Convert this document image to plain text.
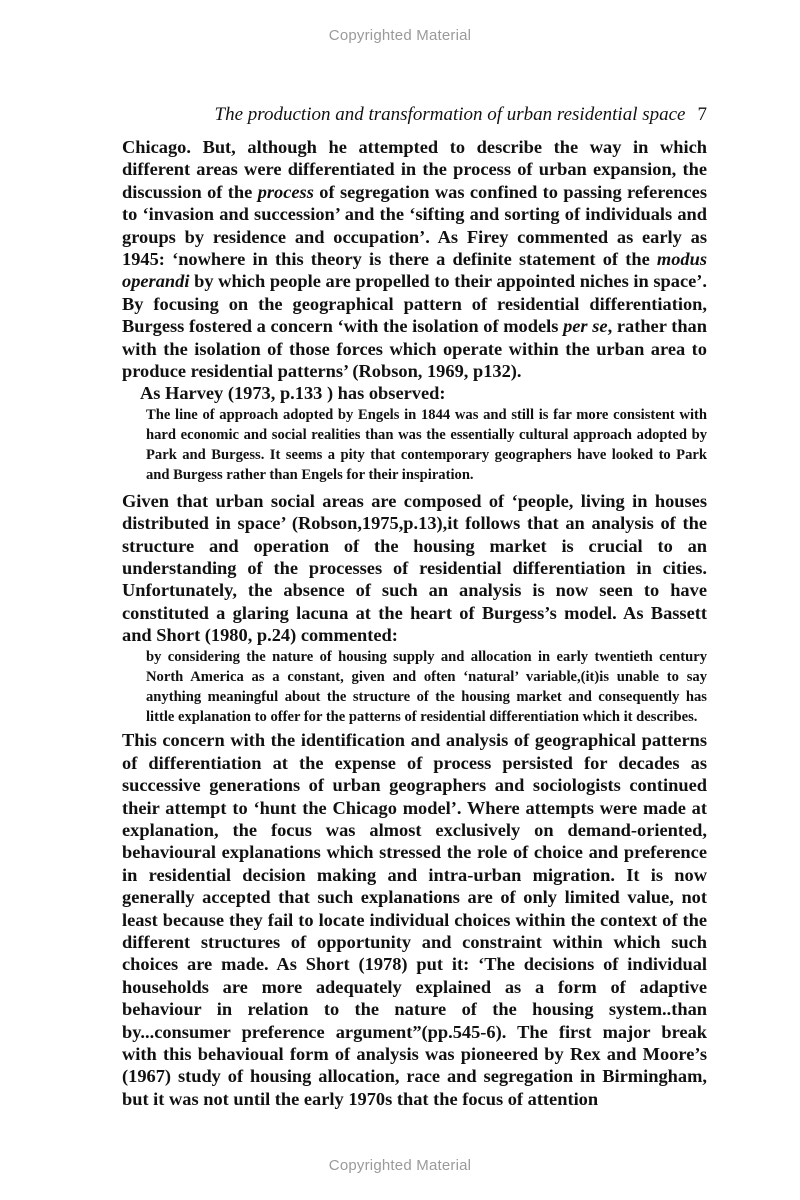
Copyrighted Material
The production and transformation of urban residential space 7

Chicago. But, although he attempted to describe the way in which different areas were differentiated in the process of urban expansion, the discussion of the process of segregation was confined to passing references to ‘invasion and succession’ and the ‘sifting and sorting of individuals and groups by residence and occupation’. As Firey commented as early as 1945: ‘nowhere in this theory is there a definite statement of the modus operandi by which people are propelled to their appointed niches in space’. By focusing on the geographical pattern of residential differentiation, Burgess fostered a concern ‘with the isolation of models per se, rather than with the isolation of those forces which operate within the urban area to produce residential patterns’ (Robson, 1969, p132).

As Harvey (1973, p.133 ) has observed:

The line of approach adopted by Engels in 1844 was and still is far more consistent with hard economic and social realities than was the essentially cultural approach adopted by Park and Burgess. It seems a pity that contemporary geographers have looked to Park and Burgess rather than Engels for their inspiration.

Given that urban social areas are composed of ‘people, living in houses distributed in space’ (Robson,1975,p.13),it follows that an analysis of the structure and operation of the housing market is crucial to an understanding of the processes of residential differentiation in cities. Unfortunately, the absence of such an analysis is now seen to have constituted a glaring lacuna at the heart of Burgess’s model. As Bassett and Short (1980, p.24) commented:

by considering the nature of housing supply and allocation in early twentieth century North America as a constant, given and often ‘natural’ variable,(it)is unable to say anything meaningful about the structure of the housing market and consequently has little explanation to offer for the patterns of residential differentiation which it describes.

This concern with the identification and analysis of geographical patterns of differentiation at the expense of process persisted for decades as successive generations of urban geographers and sociologists continued their attempt to ‘hunt the Chicago model’. Where attempts were made at explanation, the focus was almost exclusively on demand-oriented, behavioural explanations which stressed the role of choice and preference in residential decision making and intra-urban migration. It is now generally accepted that such explanations are of only limited value, not least because they fail to locate individual choices within the context of the different structures of opportunity and constraint within which such choices are made. As Short (1978) put it: ‘The decisions of individual households are more adequately explained as a form of adaptive behaviour in relation to the nature of the housing system..than by...consumer preference argument”(pp.545-6). The first major break with this behavioual form of analysis was pioneered by Rex and Moore’s (1967) study of housing allocation, race and segregation in Birmingham, but it was not until the early 1970s that the focus of attention

Copyrighted Material
